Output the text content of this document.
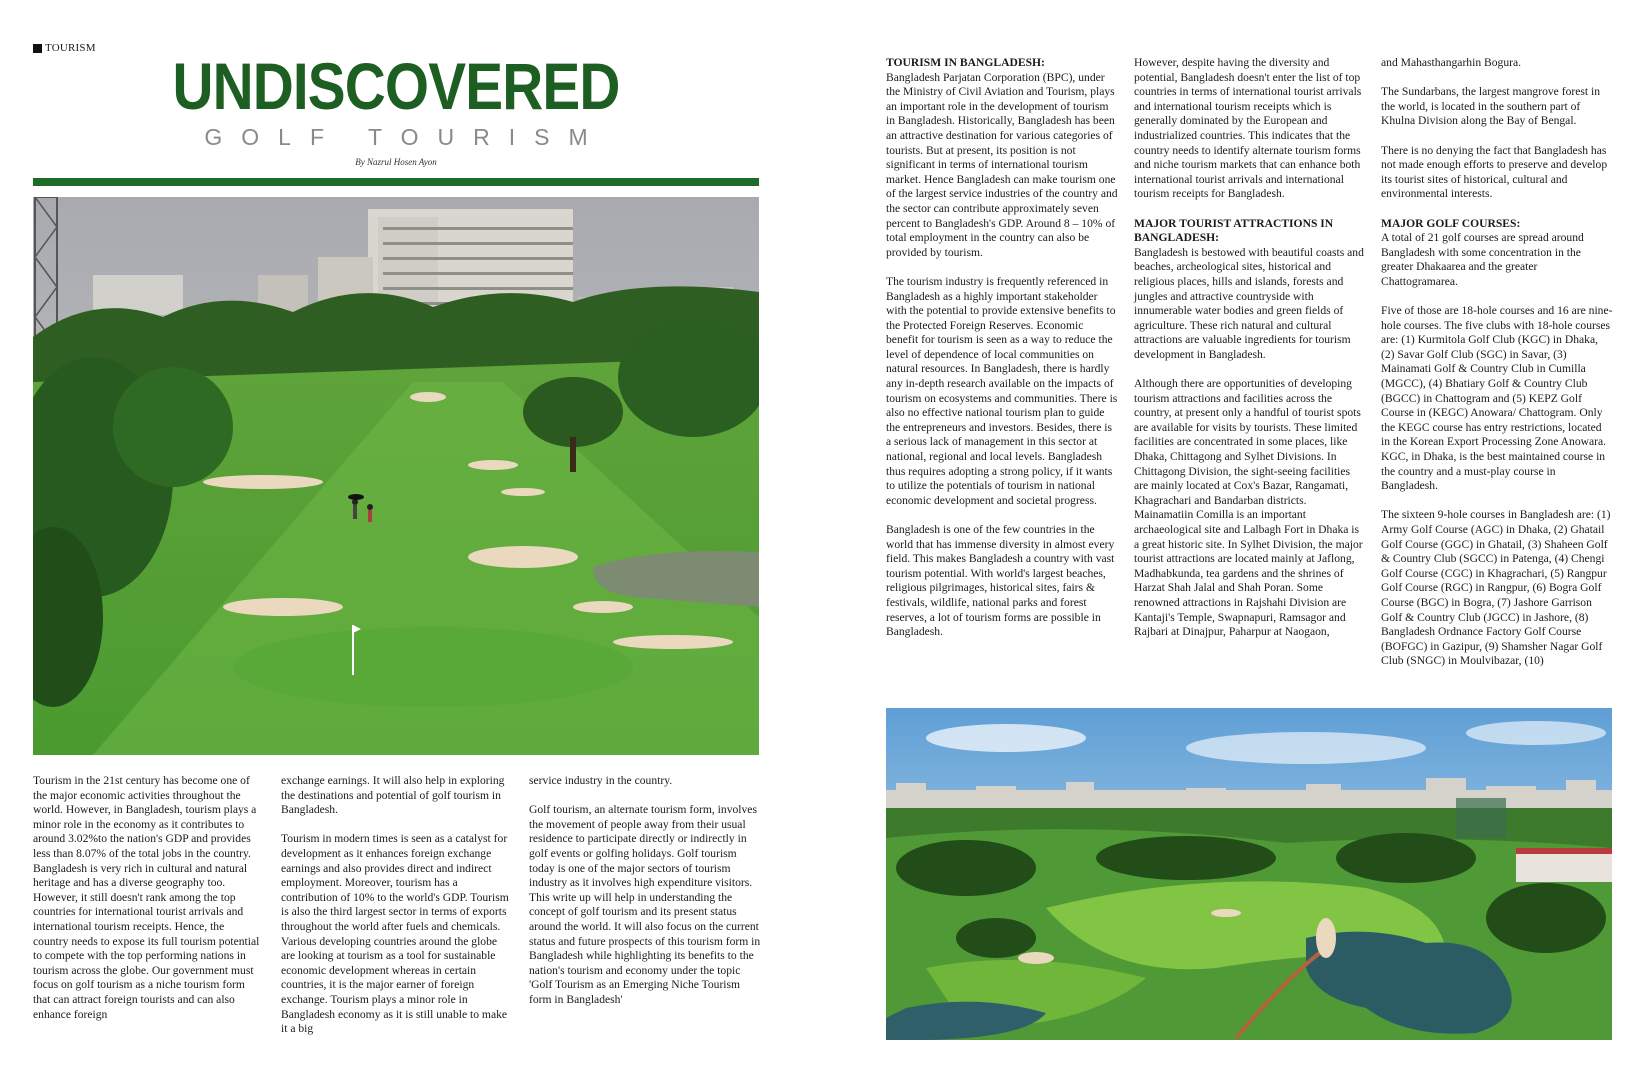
TOURISM
UNDISCOVERED
GOLF TOURISM
By Nazrul Hosen Ayon

Tourism in the 21st century has become one of the major economic activities throughout the world. However, in Bangladesh, tourism plays a minor role in the economy as it contributes to around 3.02%to the nation's GDP and provides less than 8.07% of the total jobs in the country. Bangladesh is very rich in cultural and natural heritage and has a diverse geography too. However, it still doesn't rank among the top countries for international tourist arrivals and international tourism receipts. Hence, the country needs to expose its full tourism potential to compete with the top performing nations in tourism across the globe. Our government must focus on golf tourism as a niche tourism form that can attract foreign tourists and can also enhance foreign

exchange earnings. It will also help in exploring the destinations and potential of golf tourism in Bangladesh.

Tourism in modern times is seen as a catalyst for development as it enhances foreign exchange earnings and also provides direct and indirect employment. Moreover, tourism has a contribution of 10% to the world's GDP. Tourism is also the third largest sector in terms of exports throughout the world after fuels and chemicals. Various developing countries around the globe are looking at tourism as a tool for sustainable economic development whereas in certain countries, it is the major earner of foreign exchange. Tourism plays a minor role in Bangladesh economy as it is still unable to make it a big

service industry in the country.

Golf tourism, an alternate tourism form, involves the movement of people away from their usual residence to participate directly or indirectly in golf events or golfing holidays. Golf tourism today is one of the major sectors of tourism industry as it involves high expenditure visitors. This write up will help in understanding the concept of golf tourism and its present status around the world. It will also focus on the current status and future prospects of this tourism form in Bangladesh while highlighting its benefits to the nation's tourism and economy under the topic 'Golf Tourism as an Emerging Niche Tourism form in Bangladesh'

TOURISM IN BANGLADESH:

Bangladesh Parjatan Corporation (BPC), under the Ministry of Civil Aviation and Tourism, plays an important role in the development of tourism in Bangladesh. Historically, Bangladesh has been an attractive destination for various categories of tourists. But at present, its position is not significant in terms of international tourism market. Hence Bangladesh can make tourism one of the largest service industries of the country and the sector can contribute approximately seven percent to Bangladesh's GDP. Around 8 – 10% of total employment in the country can also be provided by tourism.

The tourism industry is frequently referenced in Bangladesh as a highly important stakeholder with the potential to provide extensive benefits to the Protected Foreign Reserves. Economic benefit for tourism is seen as a way to reduce the level of dependence of local communities on natural resources. In Bangladesh, there is hardly any in-depth research available on the impacts of tourism on ecosystems and communities. There is also no effective national tourism plan to guide the entrepreneurs and investors. Besides, there is a serious lack of management in this sector at national, regional and local levels. Bangladesh thus requires adopting a strong policy, if it wants to utilize the potentials of tourism in national economic development and societal progress.

Bangladesh is one of the few countries in the world that has immense diversity in almost every field. This makes Bangladesh a country with vast tourism potential. With world's largest beaches, religious pilgrimages, historical sites, fairs & festivals, wildlife, national parks and forest reserves, a lot of tourism forms are possible in Bangladesh.

However, despite having the diversity and potential, Bangladesh doesn't enter the list of top countries in terms of international tourist arrivals and international tourism receipts which is generally dominated by the European and industrialized countries. This indicates that the country needs to identify alternate tourism forms and niche tourism markets that can enhance both international tourist arrivals and international tourism receipts for Bangladesh.

MAJOR TOURIST ATTRACTIONS IN BANGLADESH:

Bangladesh is bestowed with beautiful coasts and beaches, archeological sites, historical and religious places, hills and islands, forests and jungles and attractive countryside with innumerable water bodies and green fields of agriculture. These rich natural and cultural attractions are valuable ingredients for tourism development in Bangladesh.

Although there are opportunities of developing tourism attractions and facilities across the country, at present only a handful of tourist spots are available for visits by tourists. These limited facilities are concentrated in some places, like Dhaka, Chittagong and Sylhet Divisions. In Chittagong Division, the sight-seeing facilities are mainly located at Cox's Bazar, Rangamati, Khagrachari and Bandarban districts. Mainamatiin Comilla is an important archaeological site and Lalbagh Fort in Dhaka is a great historic site. In Sylhet Division, the major tourist attractions are located mainly at Jaflong, Madhabkunda, tea gardens and the shrines of Harzat Shah Jalal and Shah Poran. Some renowned attractions in Rajshahi Division are Kantaji's Temple, Swapnapuri, Ramsagor and Rajbari at Dinajpur, Paharpur at Naogaon,

and Mahasthangarhin Bogura.

The Sundarbans, the largest mangrove forest in the world, is located in the southern part of Khulna Division along the Bay of Bengal.

There is no denying the fact that Bangladesh has not made enough efforts to preserve and develop its tourist sites of historical, cultural and environmental interests.

MAJOR GOLF COURSES:

A total of 21 golf courses are spread around Bangladesh with some concentration in the greater Dhakaarea and the greater Chattogramarea.

Five of those are 18-hole courses and 16 are nine-hole courses. The five clubs with 18-hole courses are: (1) Kurmitola Golf Club (KGC) in Dhaka, (2) Savar Golf Club (SGC) in Savar, (3) Mainamati Golf & Country Club in Cumilla (MGCC), (4) Bhatiary Golf & Country Club (BGCC) in Chattogram and (5) KEPZ Golf Course in (KEGC) Anowara/ Chattogram. Only the KEGC course has entry restrictions, located in the Korean Export Processing Zone Anowara. KGC, in Dhaka, is the best maintained course in the country and a must-play course in Bangladesh.

The sixteen 9-hole courses in Bangladesh are: (1) Army Golf Course (AGC) in Dhaka, (2) Ghatail Golf Course (GGC) in Ghatail, (3) Shaheen Golf & Country Club (SGCC) in Patenga, (4) Chengi Golf Course (CGC) in Khagrachari, (5) Rangpur Golf Course (RGC) in Rangpur, (6) Bogra Golf Course (BGC) in Bogra, (7) Jashore Garrison Golf & Country Club (JGCC) in Jashore, (8) Bangladesh Ordnance Factory Golf Course (BOFGC) in Gazipur, (9) Shamsher Nagar Golf Club (SNGC) in Moulvibazar, (10)
